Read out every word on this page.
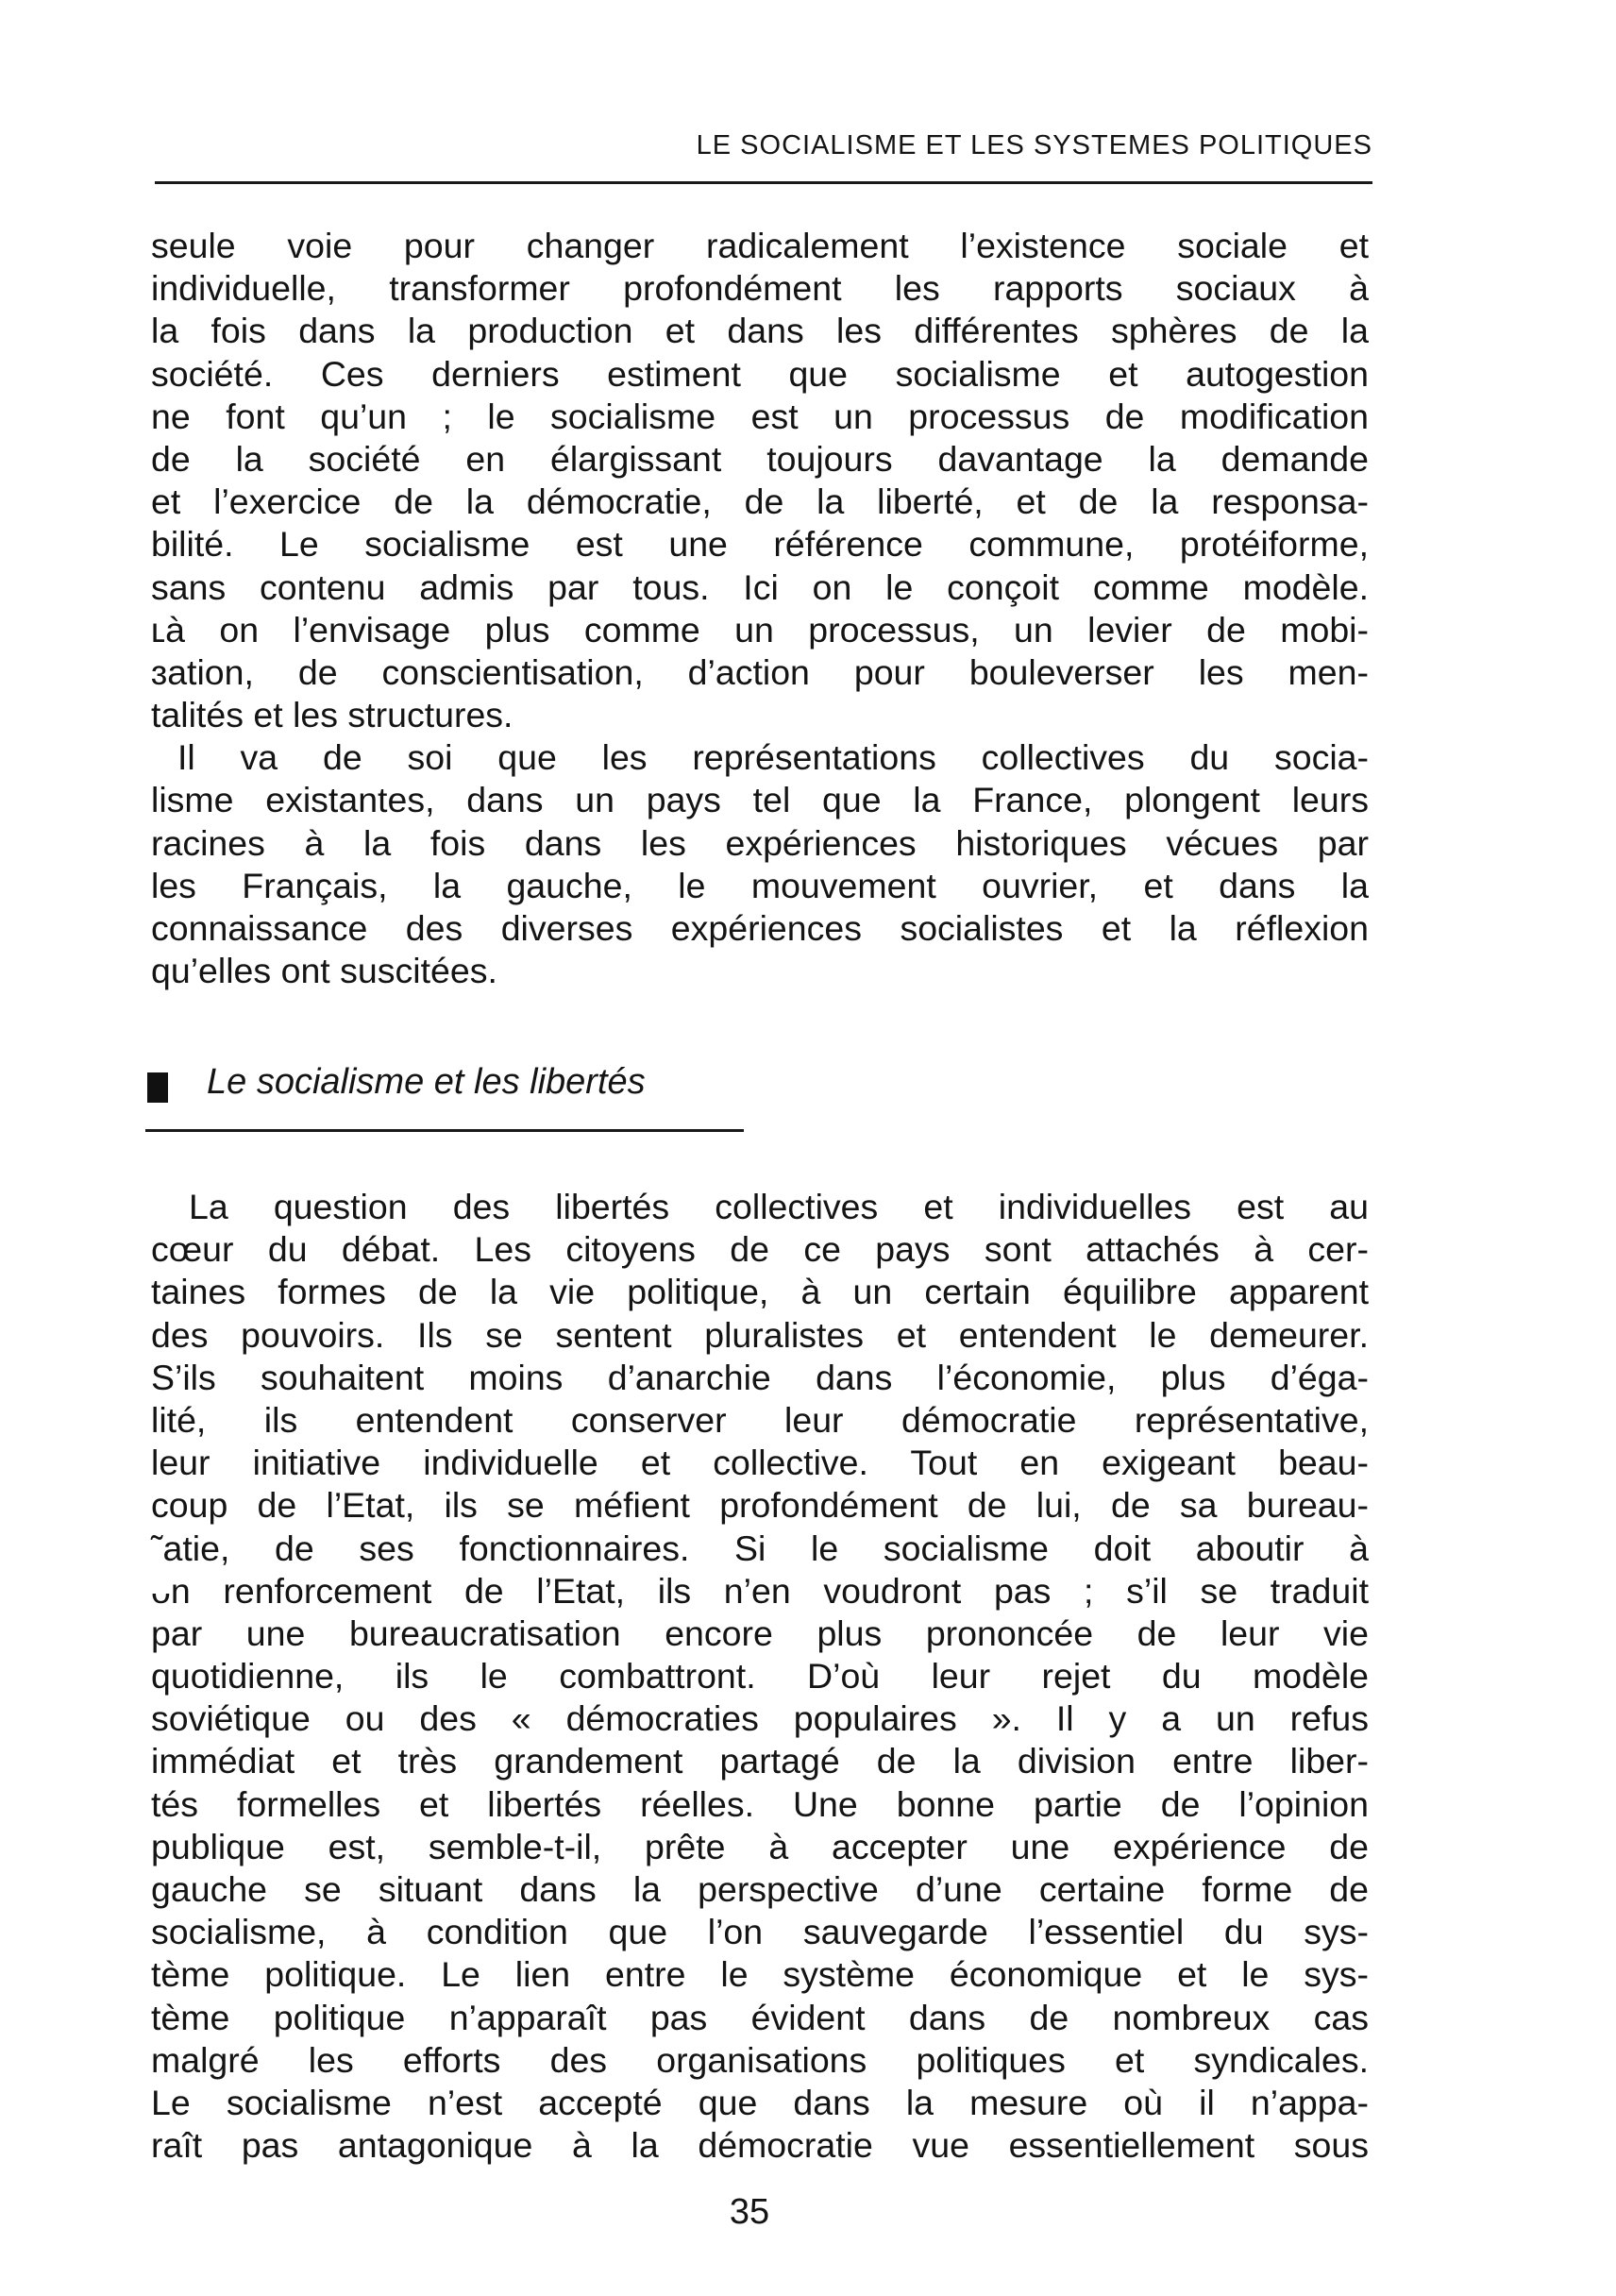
LE SOCIALISME ET LES SYSTEMES POLITIQUES
seule voie pour changer radicalement l’existence sociale et
individuelle, transformer profondément les rapports sociaux à
la fois dans la production et dans les différentes sphères de la
société. Ces derniers estiment que socialisme et autogestion
ne font qu’un ; le socialisme est un processus de modification
de la société en élargissant toujours davantage la demande
et l’exercice de la démocratie, de la liberté, et de la responsa-
bilité. Le socialisme est une référence commune, protéiforme,
sans contenu admis par tous. Ici on le conçoit comme modèle.
ʟà on l’envisage plus comme un processus, un levier de mobi-
ɜation, de conscientisation, d’action pour bouleverser les men-
talités et les structures.
Il va de soi que les représentations collectives du socia-
lisme existantes, dans un pays tel que la France, plongent leurs
racines à la fois dans les expériences historiques vécues par
les Français, la gauche, le mouvement ouvrier, et dans la
connaissance des diverses expériences socialistes et la réflexion
qu’elles ont suscitées.
Le socialisme et les libertés
La question des libertés collectives et individuelles est au
cœur du débat. Les citoyens de ce pays sont attachés à cer-
taines formes de la vie politique, à un certain équilibre apparent
des pouvoirs. Ils se sentent pluralistes et entendent le demeurer.
S’ils souhaitent moins d’anarchie dans l’économie, plus d’éga-
lité, ils entendent conserver leur démocratie représentative,
leur initiative individuelle et collective. Tout en exigeant beau-
coup de l’Etat, ils se méfient profondément de lui, de sa bureau-
˜atie, de ses fonctionnaires. Si le socialisme doit aboutir à
ᴗn renforcement de l’Etat, ils n’en voudront pas ; s’il se traduit
par une bureaucratisation encore plus prononcée de leur vie
quotidienne, ils le combattront. D’où leur rejet du modèle
soviétique ou des « démocraties populaires ». Il y a un refus
immédiat et très grandement partagé de la division entre liber-
tés formelles et libertés réelles. Une bonne partie de l’opinion
publique est, semble-t-il, prête à accepter une expérience de
gauche se situant dans la perspective d’une certaine forme de
socialisme, à condition que l’on sauvegarde l’essentiel du sys-
tème politique. Le lien entre le système économique et le sys-
tème politique n’apparaît pas évident dans de nombreux cas
malgré les efforts des organisations politiques et syndicales.
Le socialisme n’est accepté que dans la mesure où il n’appa-
raît pas antagonique à la démocratie vue essentiellement sous
35
